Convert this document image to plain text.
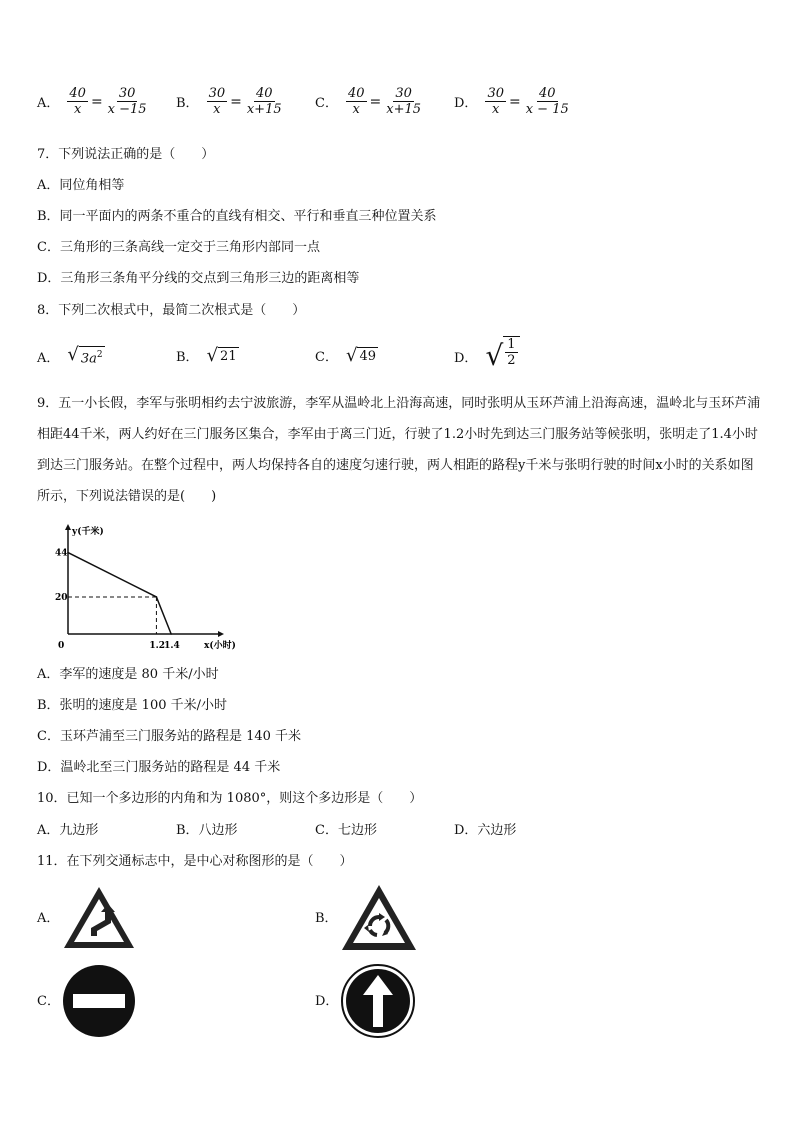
A． $\frac{40}{x} = \frac{30}{x -15}$ B． $\frac{30}{x} = \frac{40}{x+15}$ C． $\frac{40}{x} = \frac{30}{x+15}$ D． $\frac{30}{x} = \frac{40}{x - 15}$
7．下列说法正确的是（　　）
A．同位角相等
B．同一平面内的两条不重合的直线有相交、平行和垂直三种位置关系
C．三角形的三条高线一定交于三角形内部同一点
D．三角形三条角平分线的交点到三角形三边的距离相等
8．下列二次根式中，最简二次根式是（　　）
A． √ $3a^2$	B． √ 21	C． √ 49	D． √ $\frac{1}{2}$
9．五一小长假，李军与张明相约去宁波旅游，李军从温岭北上沿海高速，同时张明从玉环芦浦上沿海高速，温岭北与玉环芦浦相距44千米，两人约好在三门服务区集合，李军由于离三门近，行驶了1.2小时先到达三门服务站等候张明，张明走了1.4小时到达三门服务站。在整个过程中，两人均保持各自的速度匀速行驶，两人相距的路程y千米与张明行驶的时间x小时的关系如图所示，下列说法错误的是(　　)
y(千米)
x(小时)
44
20
0	1.2 1.4
A．李军的速度是 80 千米/小时
B．张明的速度是 100 千米/小时
C．玉环芦浦至三门服务站的路程是 140 千米
D．温岭北至三门服务站的路程是 44 千米
10．已知一个多边形的内角和为 1080°，则这个多边形是（　　）
A．九边形	B．八边形	C．七边形	D．六边形
11．在下列交通标志中，是中心对称图形的是（　　）
A．	B．
C．	D．
